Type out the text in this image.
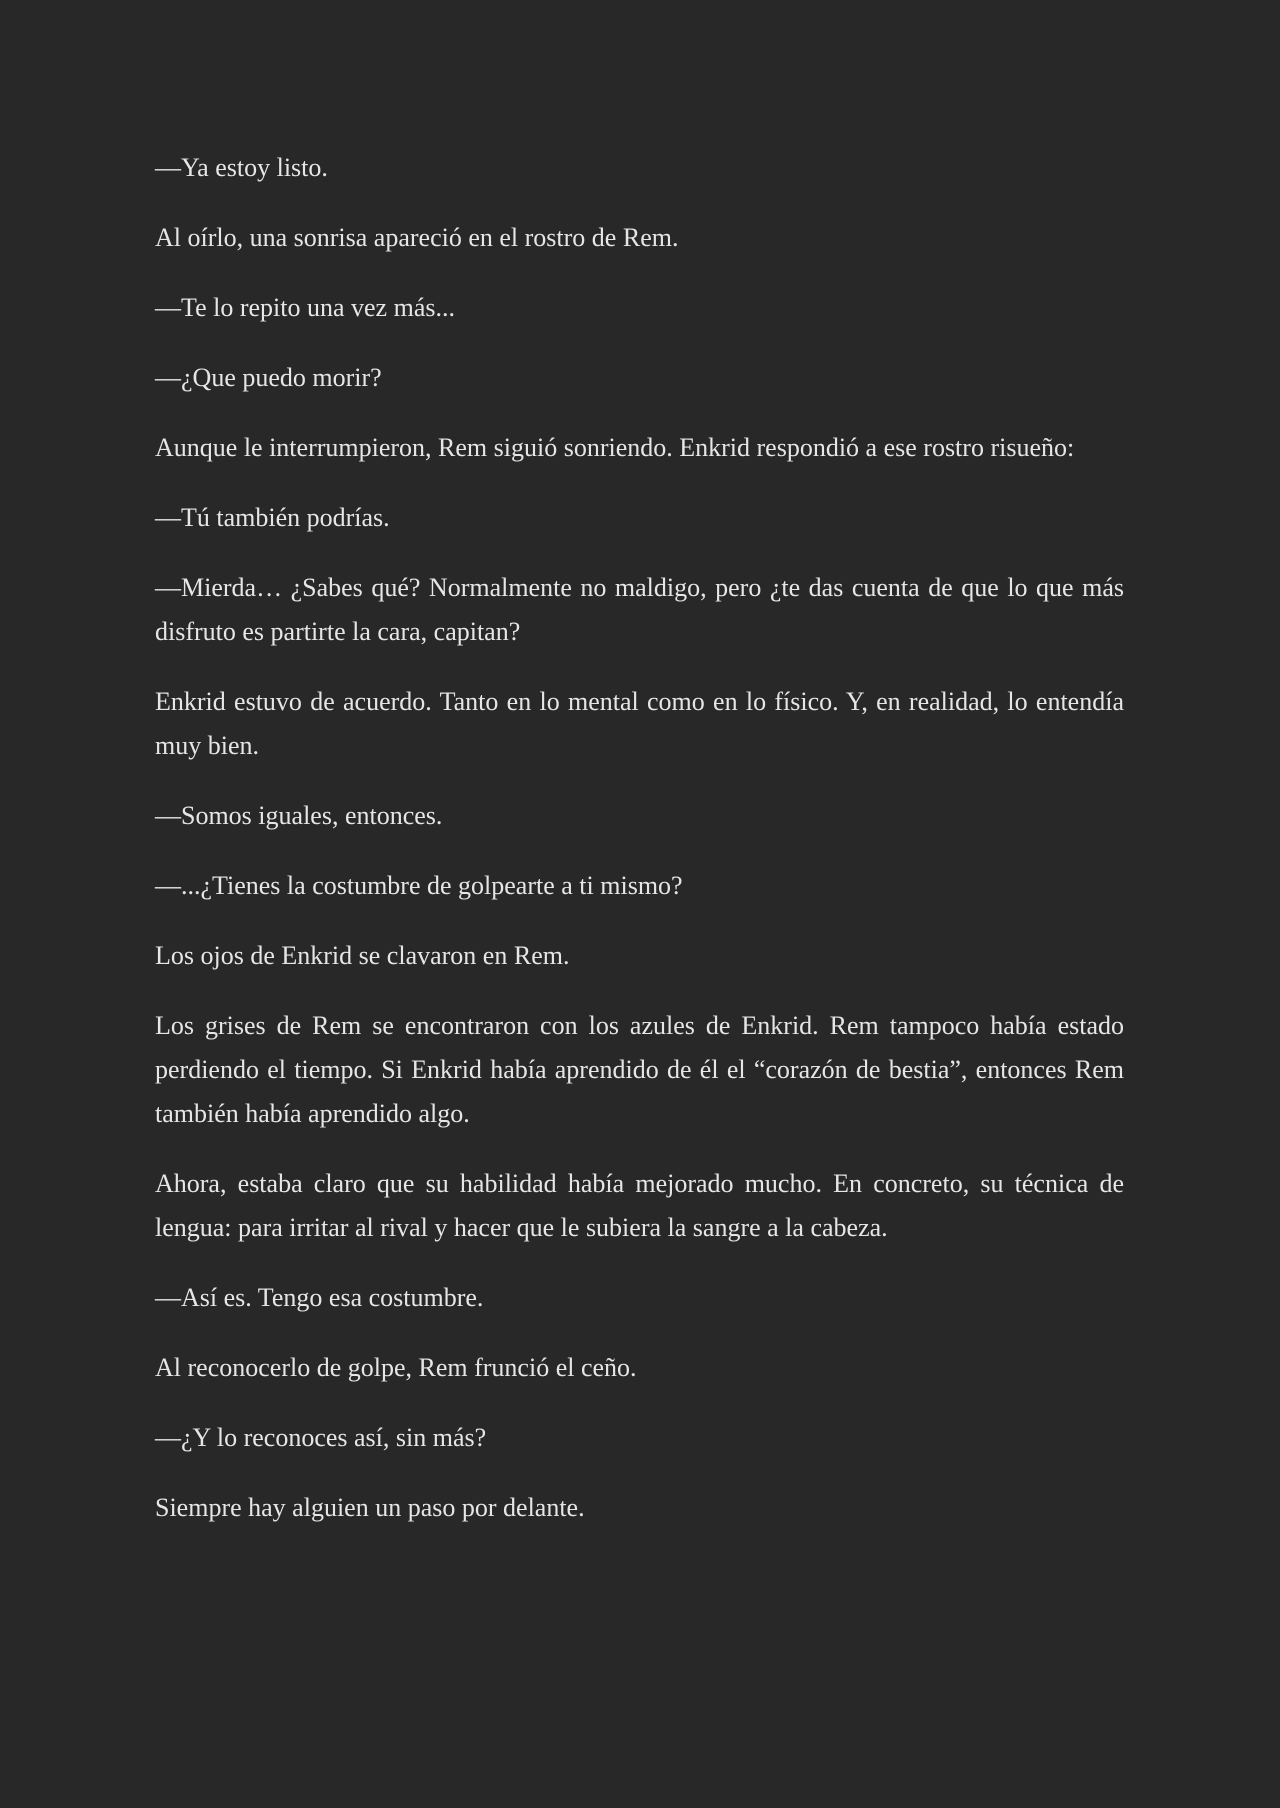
—Ya estoy listo.

Al oírlo, una sonrisa apareció en el rostro de Rem.

—Te lo repito una vez más...

—¿Que puedo morir?

Aunque le interrumpieron, Rem siguió sonriendo. Enkrid respondió a ese rostro risueño:

—Tú también podrías.

—Mierda… ¿Sabes qué? Normalmente no maldigo, pero ¿te das cuenta de que lo que más disfruto es partirte la cara, capitan?

Enkrid estuvo de acuerdo. Tanto en lo mental como en lo físico. Y, en realidad, lo entendía muy bien.

—Somos iguales, entonces.

—...¿Tienes la costumbre de golpearte a ti mismo?

Los ojos de Enkrid se clavaron en Rem.

Los grises de Rem se encontraron con los azules de Enkrid. Rem tampoco había estado perdiendo el tiempo. Si Enkrid había aprendido de él el “corazón de bestia”, entonces Rem también había aprendido algo.

Ahora, estaba claro que su habilidad había mejorado mucho. En concreto, su técnica de lengua: para irritar al rival y hacer que le subiera la sangre a la cabeza.

—Así es. Tengo esa costumbre.

Al reconocerlo de golpe, Rem frunció el ceño.

—¿Y lo reconoces así, sin más?

Siempre hay alguien un paso por delante.
